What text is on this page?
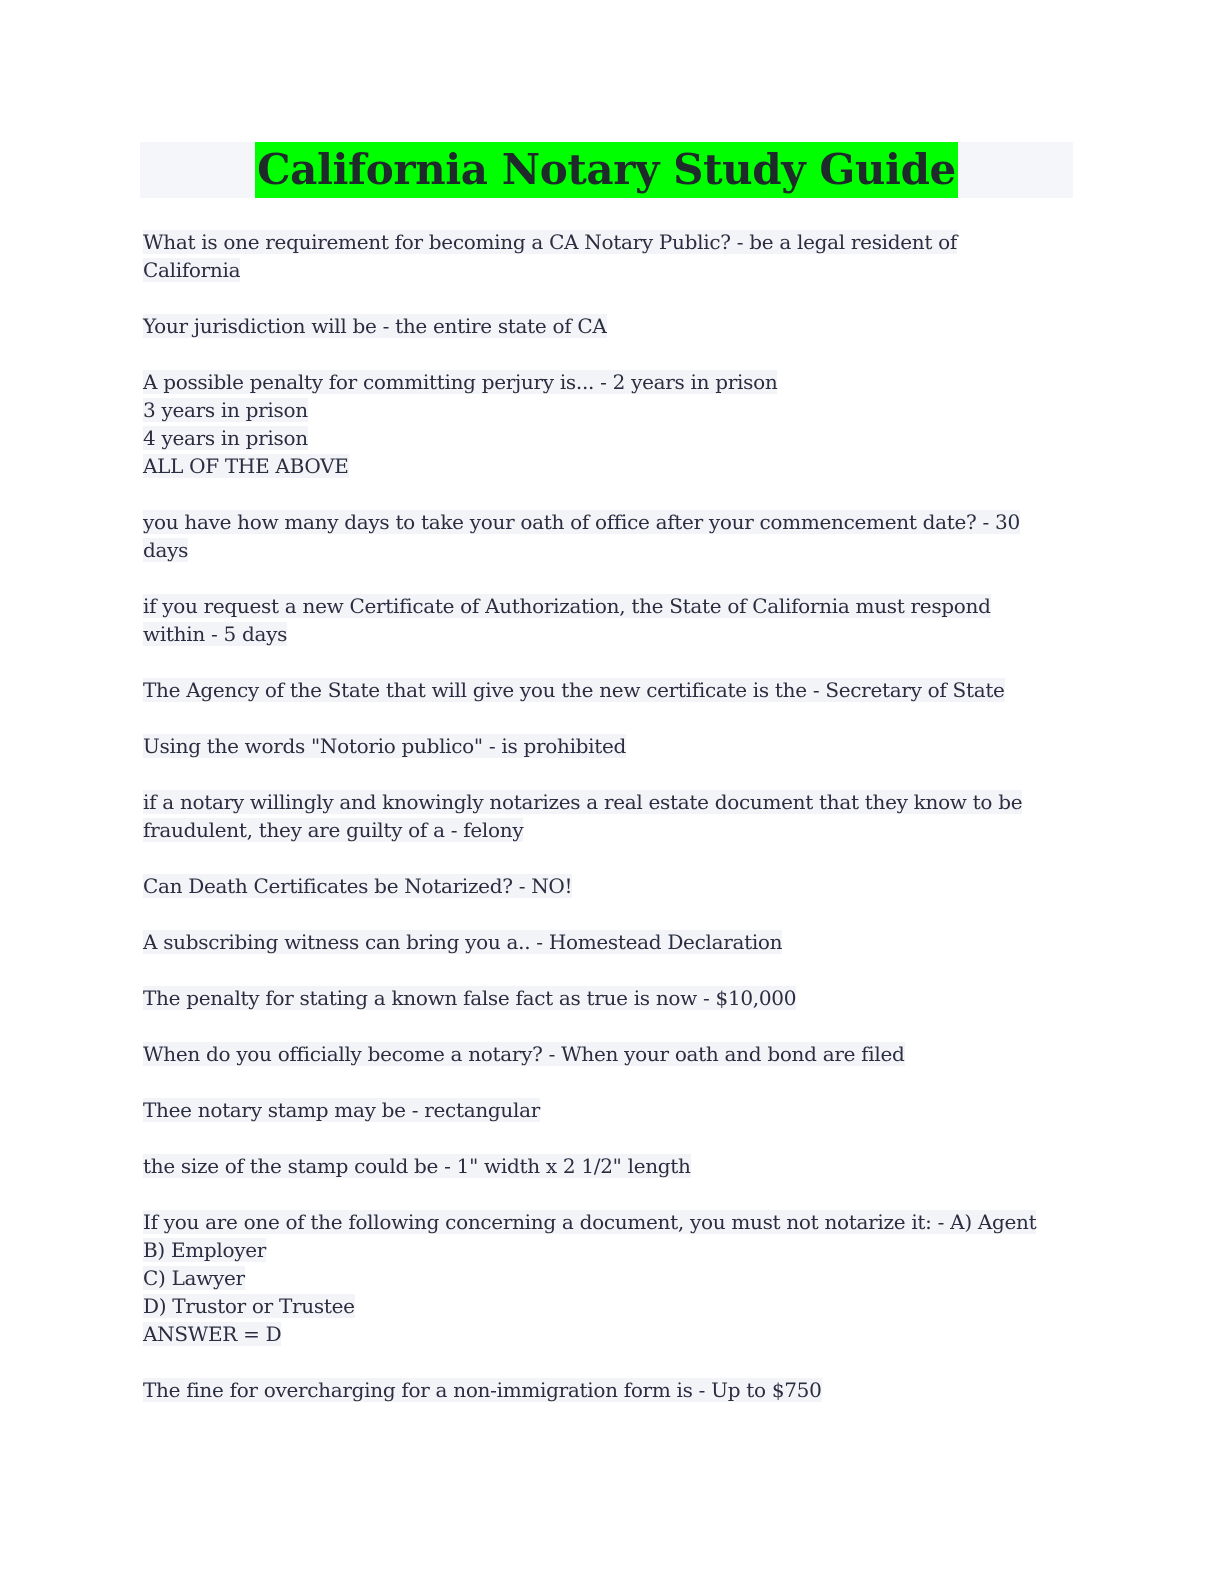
California Notary Study Guide
What is one requirement for becoming a CA Notary Public? - be a legal resident of
California
Your jurisdiction will be - the entire state of CA
A possible penalty for committing perjury is... - 2 years in prison
3 years in prison
4 years in prison
ALL OF THE ABOVE
you have how many days to take your oath of office after your commencement date? - 30
days
if you request a new Certificate of Authorization, the State of California must respond
within - 5 days
The Agency of the State that will give you the new certificate is the - Secretary of State
Using the words "Notorio publico" - is prohibited
if a notary willingly and knowingly notarizes a real estate document that they know to be
fraudulent, they are guilty of a - felony
Can Death Certificates be Notarized? - NO!
A subscribing witness can bring you a.. - Homestead Declaration
The penalty for stating a known false fact as true is now - $10,000
When do you officially become a notary? - When your oath and bond are filed
Thee notary stamp may be - rectangular
the size of the stamp could be - 1" width x 2 1/2" length
If you are one of the following concerning a document, you must not notarize it: - A) Agent
B) Employer
C) Lawyer
D) Trustor or Trustee
ANSWER = D
The fine for overcharging for a non-immigration form is - Up to $750
